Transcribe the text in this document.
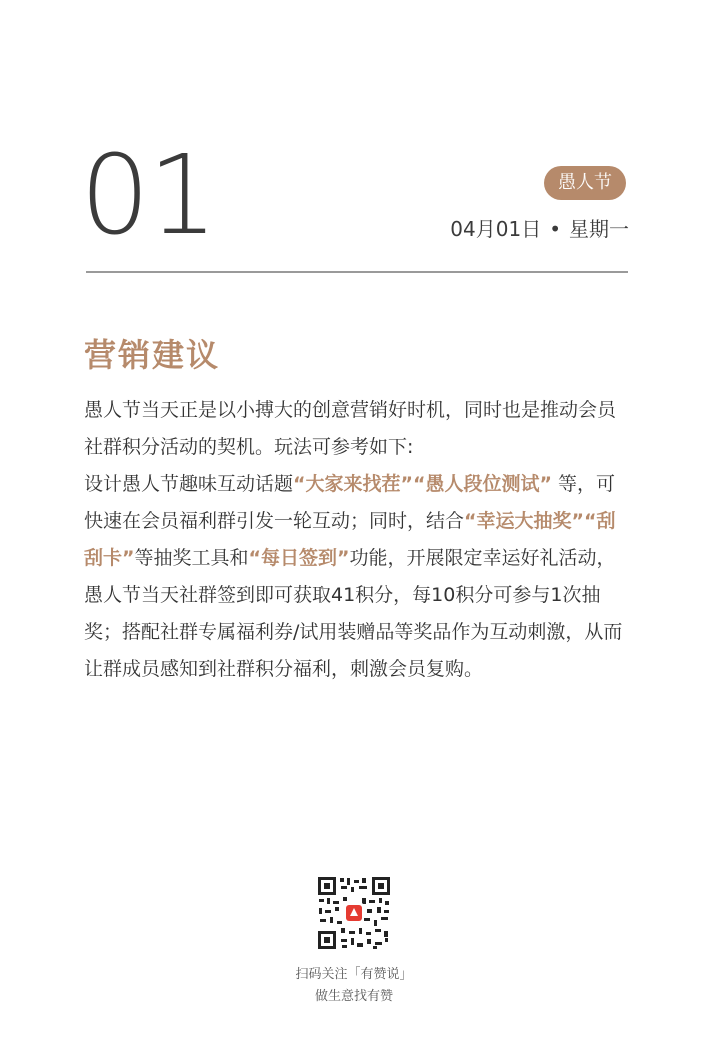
01	愚人节
04月01日 • 星期一
营销建议
愚人节当天正是以小搏大的创意营销好时机，同时也是推动会员社群积分活动的契机。玩法可参考如下:
设计愚人节趣味互动话题“大家来找茬”“愚人段位测试” 等，可快速在会员福利群引发一轮互动；同时，结合“幸运大抽奖”“刮刮卡”等抽奖工具和“每日签到”功能，开展限定幸运好礼活动，愚人节当天社群签到即可获取41积分，每10积分可参与1次抽奖；搭配社群专属福利券/试用装赠品等奖品作为互动刺激，从而让群成员感知到社群积分福利，刺激会员复购。
扫码关注「有赞说」
做生意找有赞
